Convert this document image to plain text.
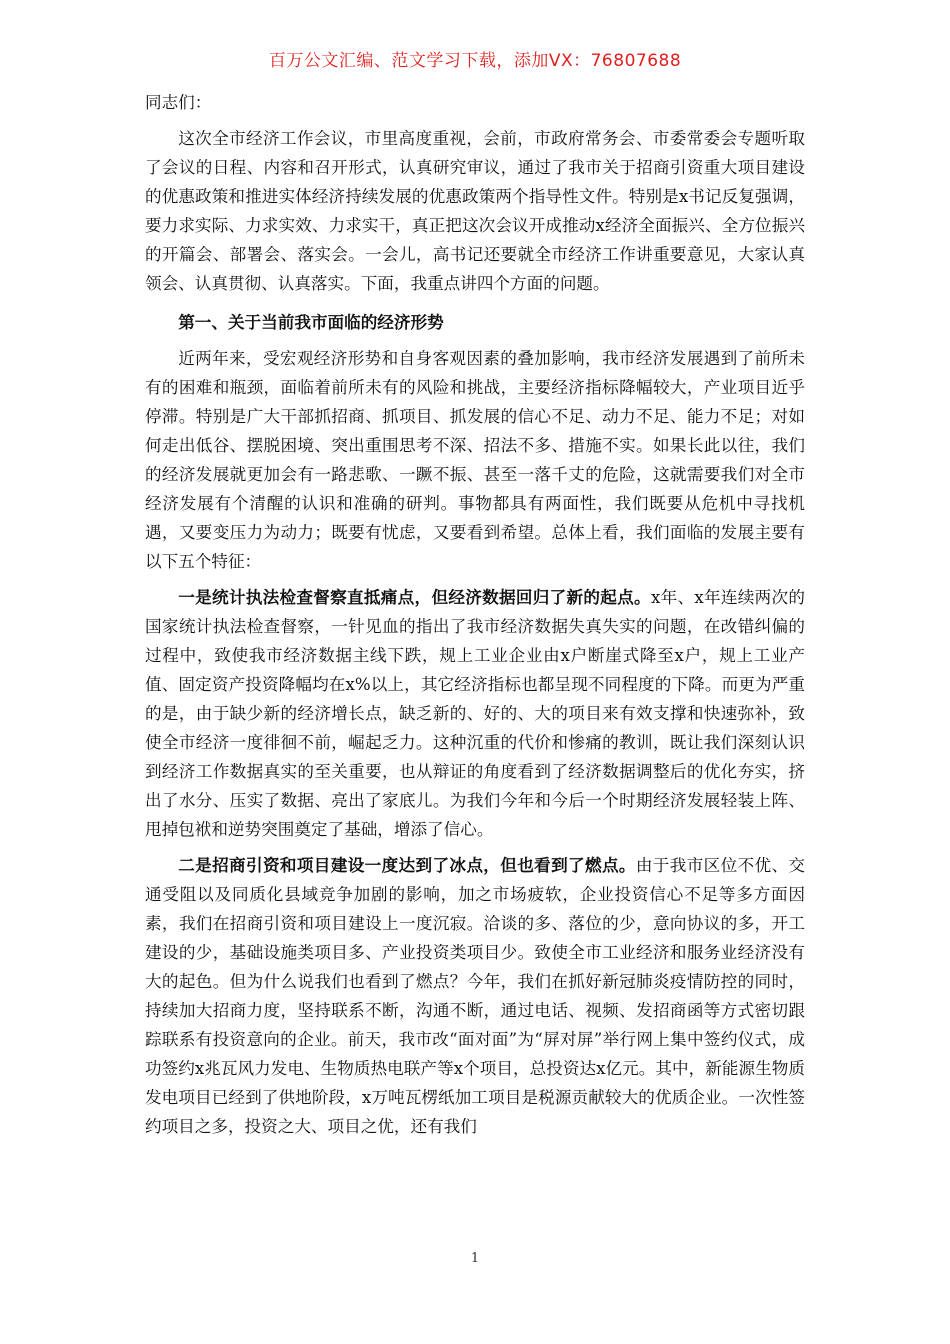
百万公文汇编、范文学习下载，添加VX：76807688
同志们：

这次全市经济工作会议，市里高度重视，会前，市政府常务会、市委常委会专题听取了会议的日程、内容和召开形式，认真研究审议，通过了我市关于招商引资重大项目建设的优惠政策和推进实体经济持续发展的优惠政策两个指导性文件。特别是x书记反复强调，要力求实际、力求实效、力求实干，真正把这次会议开成推动x经济全面振兴、全方位振兴的开篇会、部署会、落实会。一会儿，高书记还要就全市经济工作讲重要意见，大家认真领会、认真贯彻、认真落实。下面，我重点讲四个方面的问题。

第一、关于当前我市面临的经济形势

近两年来，受宏观经济形势和自身客观因素的叠加影响，我市经济发展遇到了前所未有的困难和瓶颈，面临着前所未有的风险和挑战，主要经济指标降幅较大，产业项目近乎停滞。特别是广大干部抓招商、抓项目、抓发展的信心不足、动力不足、能力不足；对如何走出低谷、摆脱困境、突出重围思考不深、招法不多、措施不实。如果长此以往，我们的经济发展就更加会有一路悲歌、一蹶不振、甚至一落千丈的危险，这就需要我们对全市经济发展有个清醒的认识和准确的研判。事物都具有两面性，我们既要从危机中寻找机遇，又要变压力为动力；既要有忧虑，又要看到希望。总体上看，我们面临的发展主要有以下五个特征：

一是统计执法检查督察直抵痛点，但经济数据回归了新的起点。x年、x年连续两次的国家统计执法检查督察，一针见血的指出了我市经济数据失真失实的问题，在改错纠偏的过程中，致使我市经济数据主线下跌，规上工业企业由x户断崖式降至x户，规上工业产值、固定资产投资降幅均在x%以上，其它经济指标也都呈现不同程度的下降。而更为严重的是，由于缺少新的经济增长点，缺乏新的、好的、大的项目来有效支撑和快速弥补，致使全市经济一度徘徊不前，崛起乏力。这种沉重的代价和惨痛的教训，既让我们深刻认识到经济工作数据真实的至关重要，也从辩证的角度看到了经济数据调整后的优化夯实，挤出了水分、压实了数据、亮出了家底儿。为我们今年和今后一个时期经济发展轻装上阵、甩掉包袱和逆势突围奠定了基础，增添了信心。

二是招商引资和项目建设一度达到了冰点，但也看到了燃点。由于我市区位不优、交通受阻以及同质化县域竞争加剧的影响，加之市场疲软，企业投资信心不足等多方面因素，我们在招商引资和项目建设上一度沉寂。洽谈的多、落位的少，意向协议的多，开工建设的少，基础设施类项目多、产业投资类项目少。致使全市工业经济和服务业经济没有大的起色。但为什么说我们也看到了燃点？今年，我们在抓好新冠肺炎疫情防控的同时，持续加大招商力度，坚持联系不断，沟通不断，通过电话、视频、发招商函等方式密切跟踪联系有投资意向的企业。前天，我市改“面对面”为“屏对屏”举行网上集中签约仪式，成功签约x兆瓦风力发电、生物质热电联产等x个项目，总投资达x亿元。其中，新能源生物质发电项目已经到了供地阶段，x万吨瓦楞纸加工项目是税源贡献较大的优质企业。一次性签约项目之多，投资之大、项目之优，还有我们

1
